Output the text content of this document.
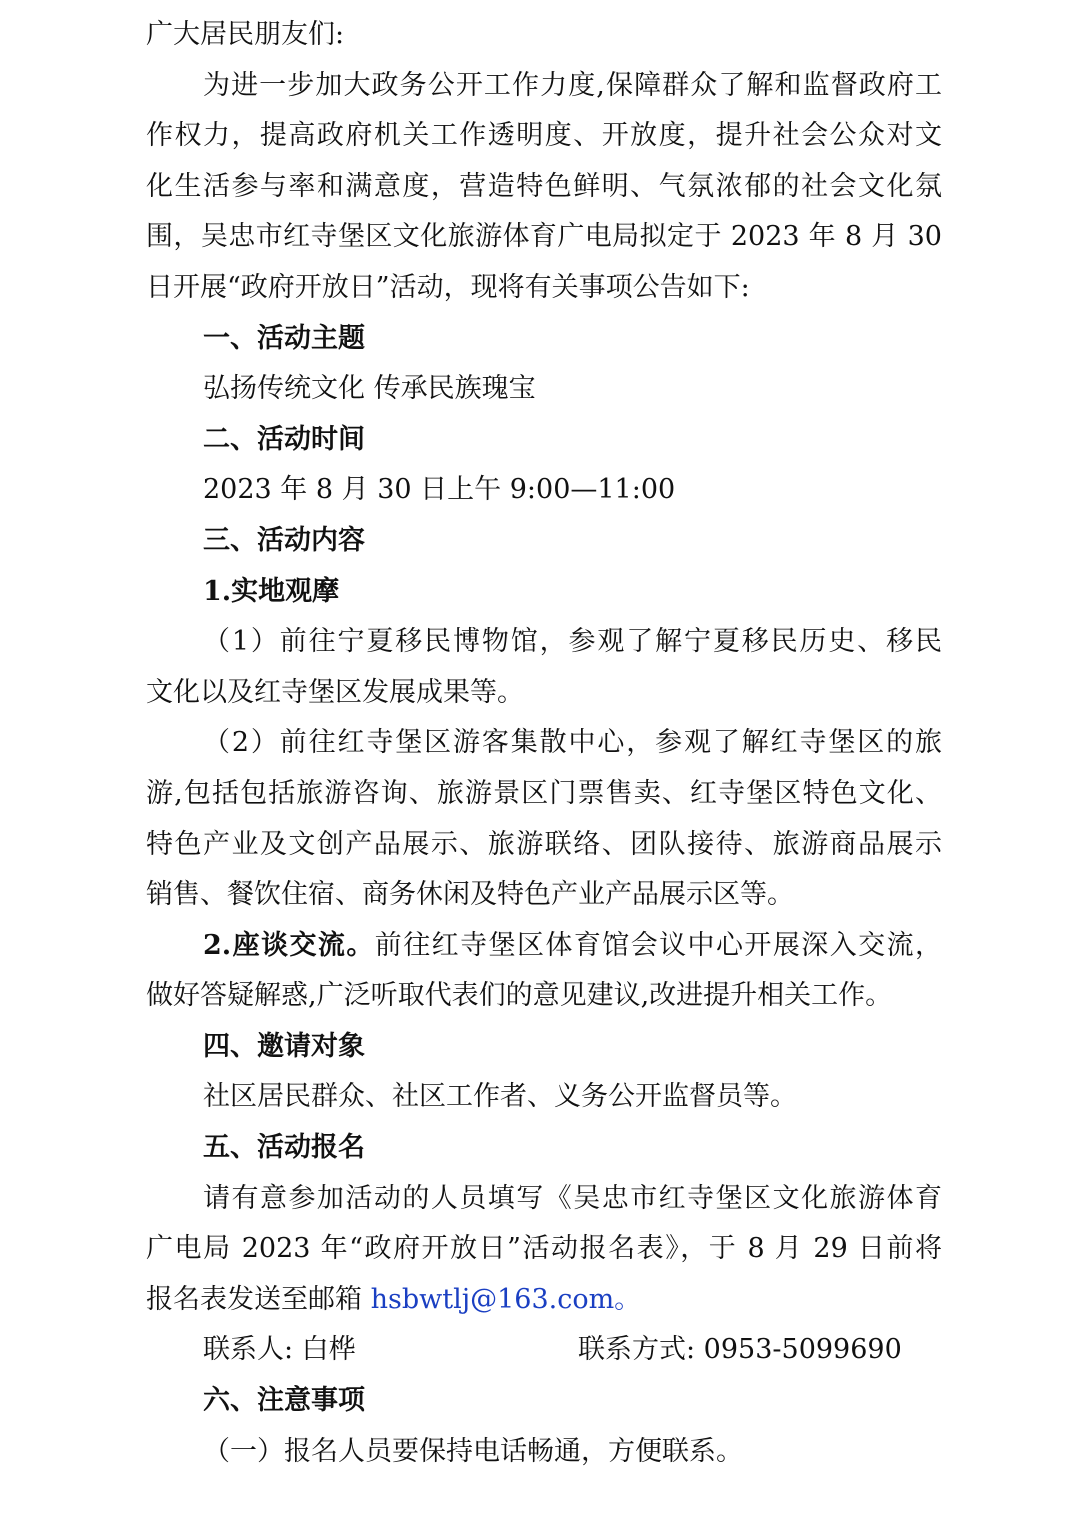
广大居民朋友们:
为进一步加大政务公开工作力度,保障群众了解和监督政府工
作权力，提高政府机关工作透明度、开放度，提升社会公众对文
化生活参与率和满意度，营造特色鲜明、气氛浓郁的社会文化氛
围，吴忠市红寺堡区文化旅游体育广电局拟定于 2023 年 8 月 30
日开展“政府开放日”活动，现将有关事项公告如下:
一、活动主题
弘扬传统文化 传承民族瑰宝
二、活动时间
2023 年 8 月 30 日上午 9:00—11:00
三、活动内容
1.实地观摩
（1）前往宁夏移民博物馆，参观了解宁夏移民历史、移民
文化以及红寺堡区发展成果等。
（2）前往红寺堡区游客集散中心，参观了解红寺堡区的旅
游,包括包括旅游咨询、旅游景区门票售卖、红寺堡区特色文化、
特色产业及文创产品展示、旅游联络、团队接待、旅游商品展示
销售、餐饮住宿、商务休闲及特色产业产品展示区等。
2.座谈交流。前往红寺堡区体育馆会议中心开展深入交流，
做好答疑解惑,广泛听取代表们的意见建议,改进提升相关工作。
四、邀请对象
社区居民群众、社区工作者、义务公开监督员等。
五、活动报名
请有意参加活动的人员填写《吴忠市红寺堡区文化旅游体育
广电局 2023 年“政府开放日”活动报名表》，于 8 月 29 日前将
报名表发送至邮箱 hsbwtlj@163.com。
联系人: 白桦	联系方式: 0953-5099690
六、注意事项
（一）报名人员要保持电话畅通，方便联系。
